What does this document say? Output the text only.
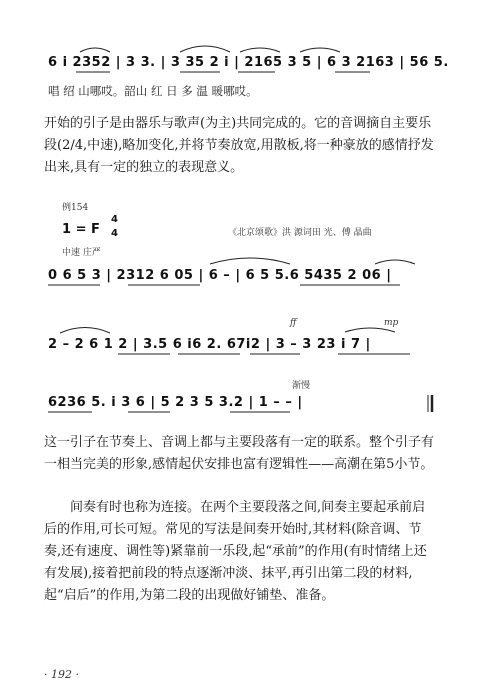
6 i 2352 | 3 3. | 3 35 2 i | 2165 3 5 | 6 3 2163 | 56 5.
唱 绍 山哪哎。韶山 红 日 多 温 暖哪哎。
开始的引子是由器乐与歌声(为主)共同完成的。它的音调摘自主要乐段(2/4,中速),略加变化,并将节奏放宽,用散板,将一种豪放的感情抒发出来,具有一定的独立的表现意义。
例154
1 = F
4
4	《北京颂歌》洪 源词田 光、傅 晶曲
中速 庄严
0 6 5 3 | 2312 6 05 | 6 – | 6 5 5.6 5435 2 06 |
ff	mp
2 – 2 6 1 2 | 3.5 6 i6 2. 67i2 | 3 – 3 23 i 7 |
渐慢
6236 5. i 3 6 | 5 2 3 5 3.2 | 1 – – |
这一引子在节奏上、音调上都与主要段落有一定的联系。整个引子有一相当完美的形象,感情起伏安排也富有逻辑性——高潮在第5小节。
间奏有时也称为连接。在两个主要段落之间,间奏主要起承前启后的作用,可长可短。常见的写法是间奏开始时,其材料(除音调、节奏,还有速度、调性等)紧靠前一乐段,起“承前”的作用(有时情绪上还有发展),接着把前段的特点逐渐冲淡、抹平,再引出第二段的材料,起“启后”的作用,为第二段的出现做好铺垫、准备。
· 192 ·
